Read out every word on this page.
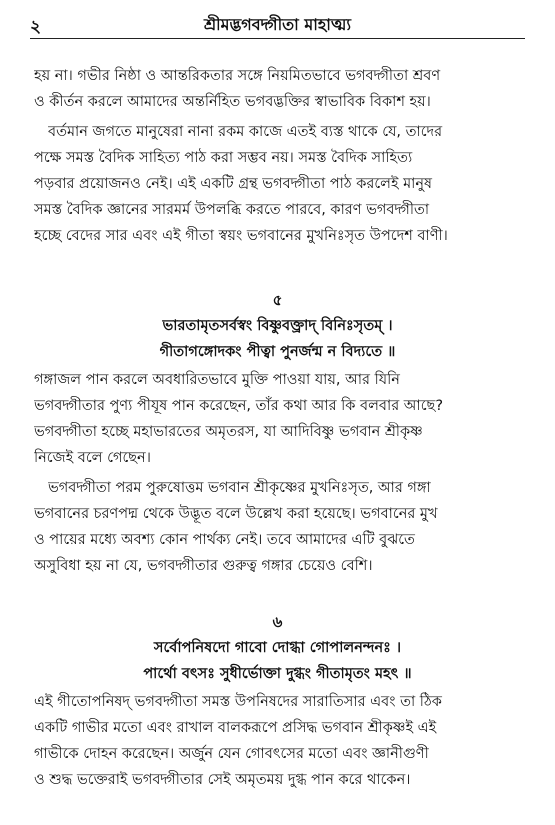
২	শ্রীমদ্ভগবদ্গীতা মাহাত্ম্য
হয় না। গভীর নিষ্ঠা ও আন্তরিকতার সঙ্গে নিয়মিতভাবে ভগবদ্গীতা শ্রবণ
ও কীর্তন করলে আমাদের অন্তর্নিহিত ভগবদ্ভক্তির স্বাভাবিক বিকাশ হয়।
বর্তমান জগতে মানুষেরা নানা রকম কাজে এতই ব্যস্ত থাকে যে, তাদের
পক্ষে সমস্ত বৈদিক সাহিত্য পাঠ করা সম্ভব নয়। সমস্ত বৈদিক সাহিত্য
পড়বার প্রয়োজনও নেই। এই একটি গ্রন্থ ভগবদ্গীতা পাঠ করলেই মানুষ
সমস্ত বৈদিক জ্ঞানের সারমর্ম উপলব্ধি করতে পারবে, কারণ ভগবদ্গীতা
হচ্ছে বেদের সার এবং এই গীতা স্বয়ং ভগবানের মুখনিঃসৃত উপদেশ বাণী।
৫
ভারতামৃতসর্বস্বং বিষ্ণুবক্ত্রাদ্ বিনিঃসৃতম্ ।
গীতাগঙ্গোদকং পীত্বা পুনর্জন্ম ন বিদ্যতে ॥
গঙ্গাজল পান করলে অবধারিতভাবে মুক্তি পাওয়া যায়, আর যিনি
ভগবদ্গীতার পুণ্য পীযূষ পান করেছেন, তাঁর কথা আর কি বলবার আছে?
ভগবদ্গীতা হচ্ছে মহাভারতের অমৃতরস, যা আদিবিষ্ণু ভগবান শ্রীকৃষ্ণ
নিজেই বলে গেছেন।
ভগবদ্গীতা পরম পুরুষোত্তম ভগবান শ্রীকৃষ্ণের মুখনিঃসৃত, আর গঙ্গা
ভগবানের চরণপদ্ম থেকে উদ্ভূত বলে উল্লেখ করা হয়েছে। ভগবানের মুখ
ও পায়ের মধ্যে অবশ্য কোন পার্থক্য নেই। তবে আমাদের এটি বুঝতে
অসুবিধা হয় না যে, ভগবদ্গীতার গুরুত্ব গঙ্গার চেয়েও বেশি।
৬
সর্বোপনিষদো গাবো দোগ্ধা গোপালনন্দনঃ ।
পার্থো বৎসঃ সুধীর্ভোক্তা দুগ্ধং গীতামৃতং মহৎ ॥
এই গীতোপনিষদ্ ভগবদ্গীতা সমস্ত উপনিষদের সারাতিসার এবং তা ঠিক
একটি গাভীর মতো এবং রাখাল বালকরূপে প্রসিদ্ধ ভগবান শ্রীকৃষ্ণই এই
গাভীকে দোহন করেছেন। অর্জুন যেন গোবৎসের মতো এবং জ্ঞানীগুণী
ও শুদ্ধ ভক্তেরাই ভগবদ্গীতার সেই অমৃতময় দুগ্ধ পান করে থাকেন।
